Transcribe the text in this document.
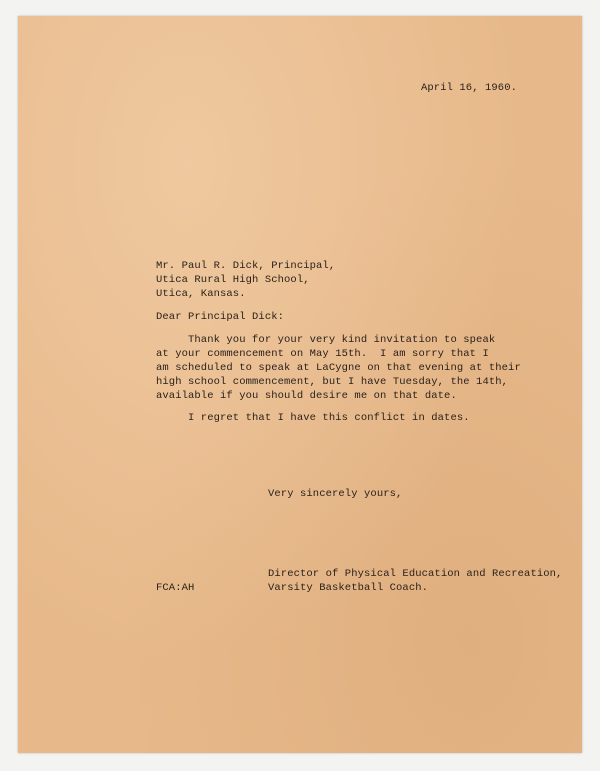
April 16, 1960.

Mr. Paul R. Dick, Principal,

Utica Rural High School,

Utica, Kansas.

Dear Principal Dick:

Thank you for your very kind invitation to speak

at your commencement on May 15th.  I am sorry that I

am scheduled to speak at LaCygne on that evening at their

high school commencement, but I have Tuesday, the 14th,

available if you should desire me on that date.

I regret that I have this conflict in dates.

Very sincerely yours,

Director of Physical Education and Recreation,

FCA:AH	Varsity Basketball Coach.
